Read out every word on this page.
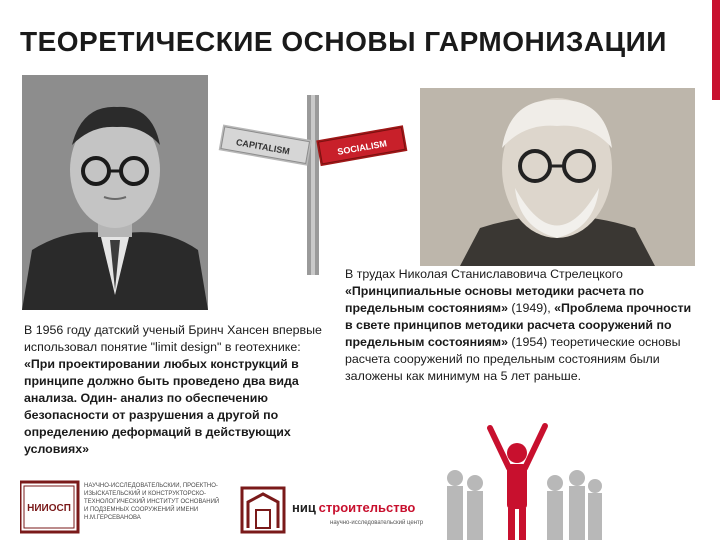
ТЕОРЕТИЧЕСКИЕ ОСНОВЫ ГАРМОНИЗАЦИИ
CAPITALISM	SOCIALISM

В 1956 году датский ученый Бринч Хансен впервые использовал понятие "limit design" в геотехнике:

«При проектировании любых конструкций в принципе должно быть проведено два вида анализа. Один- анализ по обеспечению безопасности от разрушения а другой по определению деформаций в действующих условиях»

В трудах Николая Станиславовича Стрелецкого «Принципиальные основы методики расчета по предельным состояниям» (1949), «Проблема прочности в свете принципов методики расчета сооружений по предельным состояниям» (1954) теоретические основы расчета сооружений по предельным состояниям были заложены как минимум на 5 лет раньше.

НИИОСП
НАУЧНО-ИССЛЕДОВАТЕЛЬСКИЙ, ПРОЕКТНО-ИЗЫСКАТЕЛЬСКИЙ И КОНСТРУКТОРСКО-ТЕХНОЛОГИЧЕСКИЙ ИНСТИТУТ ОСНОВАНИЙ И ПОДЗЕМНЫХ СООРУЖЕНИЙ ИМЕНИ Н.М.ГЕРСЕВАНОВА
ниц строительство
научно-исследовательский центр
